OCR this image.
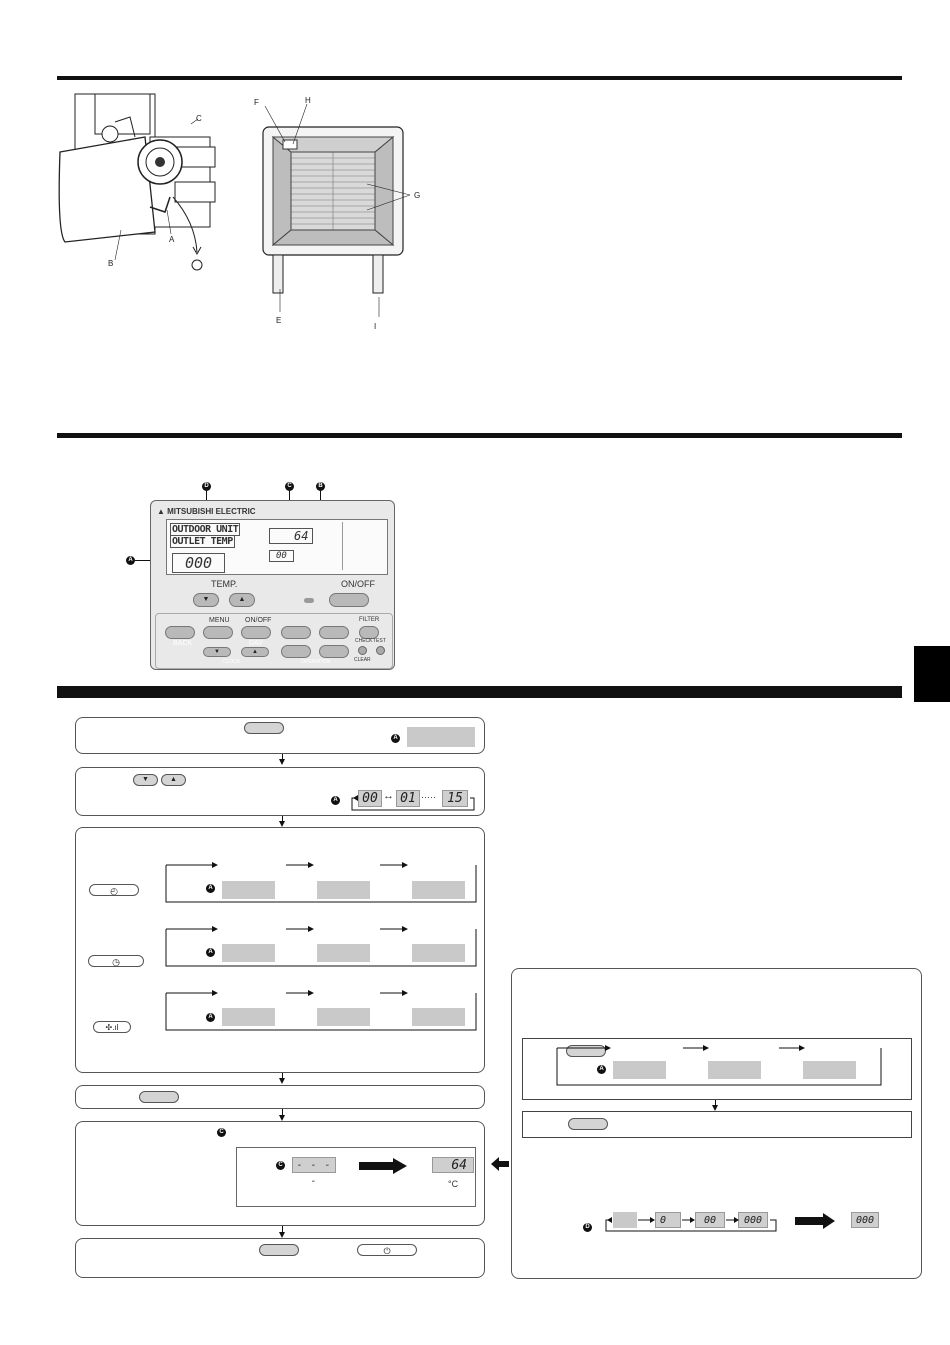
C
A
B
F	H
G
E
I
D	C	B
A
▲ MITSUBISHI ELECTRIC
OUTDOOR UNIT
OUTLET TEMP
000
64
00
TEMP.	ON/OFF
▼	▲
MENU ON/OFF	FILTER
BACK	DAY
▼	▲
CHECK TEST
CLEAR
CLOCK	OPERATION
A
▼	▲
A	00 ↔ 01 ····· 15
◴	A
◷
A
✣.ıl
A
C
C	- - - -
64
°C
⏻
A
D
0	00	000	000
